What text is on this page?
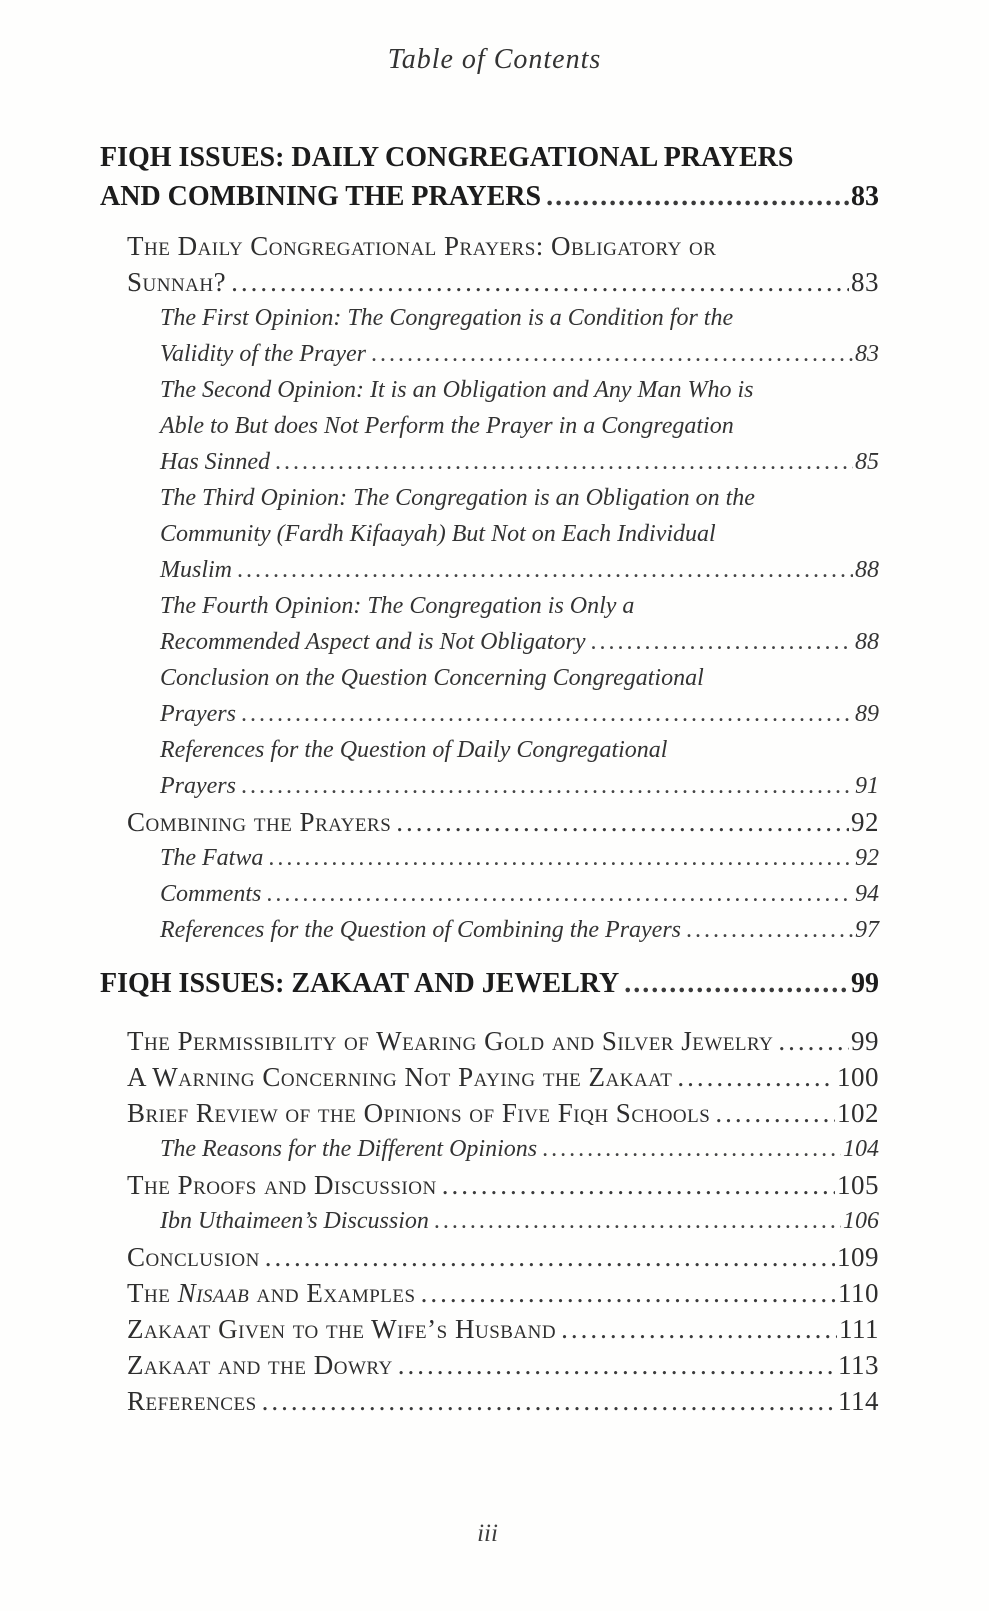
Table of Contents
FIQH ISSUES: DAILY CONGREGATIONAL PRAYERS
AND COMBINING THE PRAYERS .....	83
The Daily Congregational Prayers: Obligatory or
Sunnah? .....	83
The First Opinion: The Congregation is a Condition for the
Validity of the Prayer .....	83
The Second Opinion: It is an Obligation and Any Man Who is
Able to But does Not Perform the Prayer in a Congregation
Has Sinned .....	85
The Third Opinion: The Congregation is an Obligation on the
Community (Fardh Kifaayah) But Not on Each Individual
Muslim .....	88
The Fourth Opinion: The Congregation is Only a
Recommended Aspect and is Not Obligatory .....	88
Conclusion on the Question Concerning Congregational
Prayers .....	89
References for the Question of Daily Congregational
Prayers .....	91
Combining the Prayers .....	92
The Fatwa .....	92
Comments .....	94
References for the Question of Combining the Prayers .....	97
FIQH ISSUES: ZAKAAT AND JEWELRY .....	99
The Permissibility of Wearing Gold and Silver Jewelry .....	99
A Warning Concerning Not Paying the Zakaat .....	100
Brief Review of the Opinions of Five Fiqh Schools .....	102
The Reasons for the Different Opinions .....	104
The Proofs and Discussion .....	105
Ibn Uthaimeen’s Discussion .....	106
Conclusion .....	109
The Nisaab and Examples .....	110
Zakaat Given to the Wife’s Husband .....	111
Zakaat and the Dowry .....	113
References .....	114
iii
